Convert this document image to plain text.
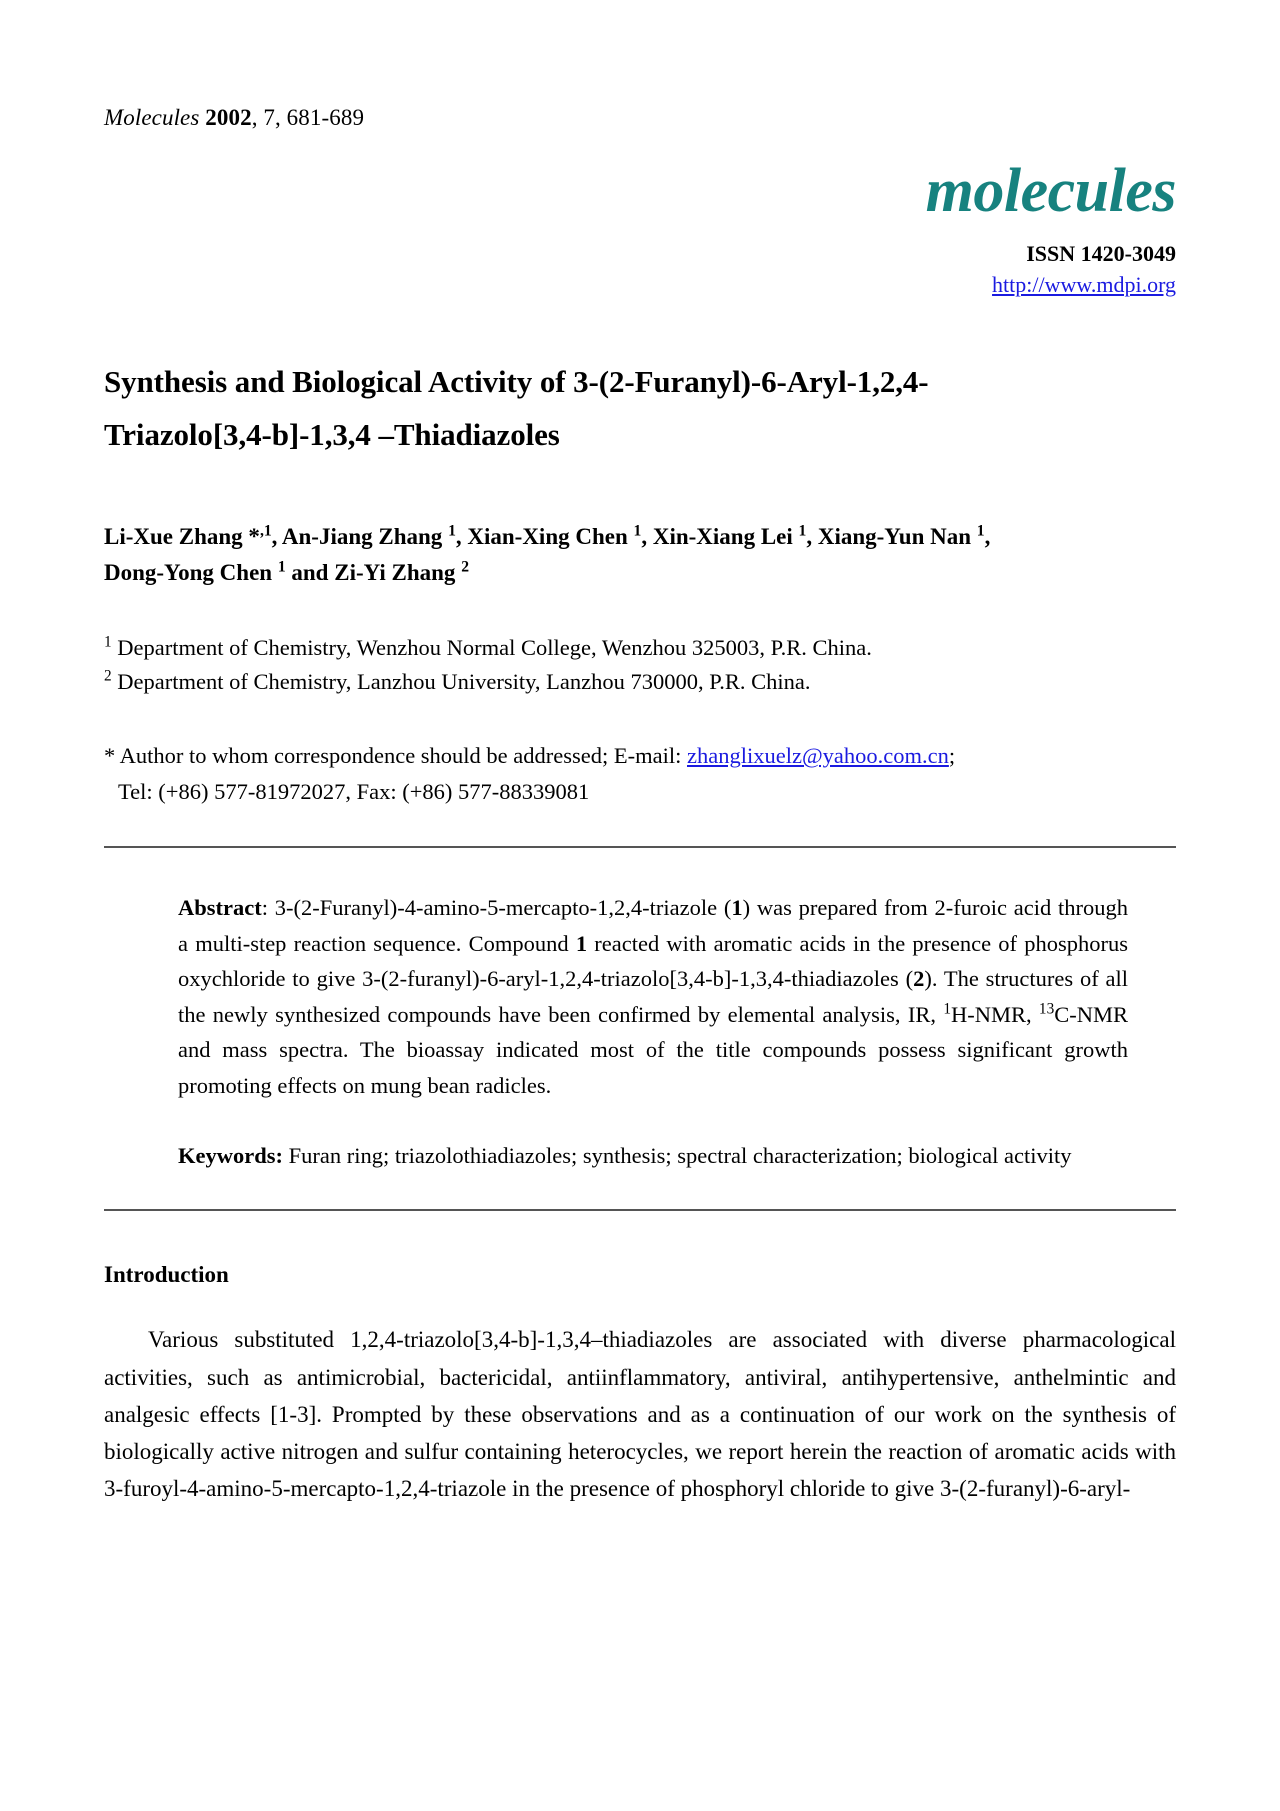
Molecules 2002, 7, 681-689
molecules
ISSN 1420-3049
http://www.mdpi.org
Synthesis and Biological Activity of 3-(2-Furanyl)-6-Aryl-1,2,4-
Triazolo[3,4-b]-1,3,4 –Thiadiazoles
Li-Xue Zhang *$^{,1}$, An-Jiang Zhang $^1$, Xian-Xing Chen $^1$, Xin-Xiang Lei $^1$, Xiang-Yun Nan $^1$,
Dong-Yong Chen $^1$ and Zi-Yi Zhang $^2$
$^1$ Department of Chemistry, Wenzhou Normal College, Wenzhou 325003, P.R. China.
$^2$ Department of Chemistry, Lanzhou University, Lanzhou 730000, P.R. China.
* Author to whom correspondence should be addressed; E-mail: zhanglixuelz@yahoo.com.cn;
Tel: (+86) 577-81972027, Fax: (+86) 577-88339081
Abstract: 3-(2-Furanyl)-4-amino-5-mercapto-1,2,4-triazole (1) was prepared from 2-furoic acid through a multi-step reaction sequence. Compound 1 reacted with aromatic acids in the presence of phosphorus oxychloride to give 3-(2-furanyl)-6-aryl-1,2,4-triazolo[3,4-b]-1,3,4-thiadiazoles (2). The structures of all the newly synthesized compounds have been confirmed by elemental analysis, IR, $^1$H-NMR, $^{13}$C-NMR and mass spectra. The bioassay indicated most of the title compounds possess significant growth promoting effects on mung bean radicles.
Keywords: Furan ring; triazolothiadiazoles; synthesis; spectral characterization; biological activity
Introduction
Various substituted 1,2,4-triazolo[3,4-b]-1,3,4–thiadiazoles are associated with diverse pharmacological activities, such as antimicrobial, bactericidal, antiinflammatory, antiviral, antihypertensive, anthelmintic and analgesic effects [1-3]. Prompted by these observations and as a continuation of our work on the synthesis of biologically active nitrogen and sulfur containing heterocycles, we report herein the reaction of aromatic acids with 3-furoyl-4-amino-5-mercapto-1,2,4-triazole in the presence of phosphoryl chloride to give 3-(2-furanyl)-6-aryl-
